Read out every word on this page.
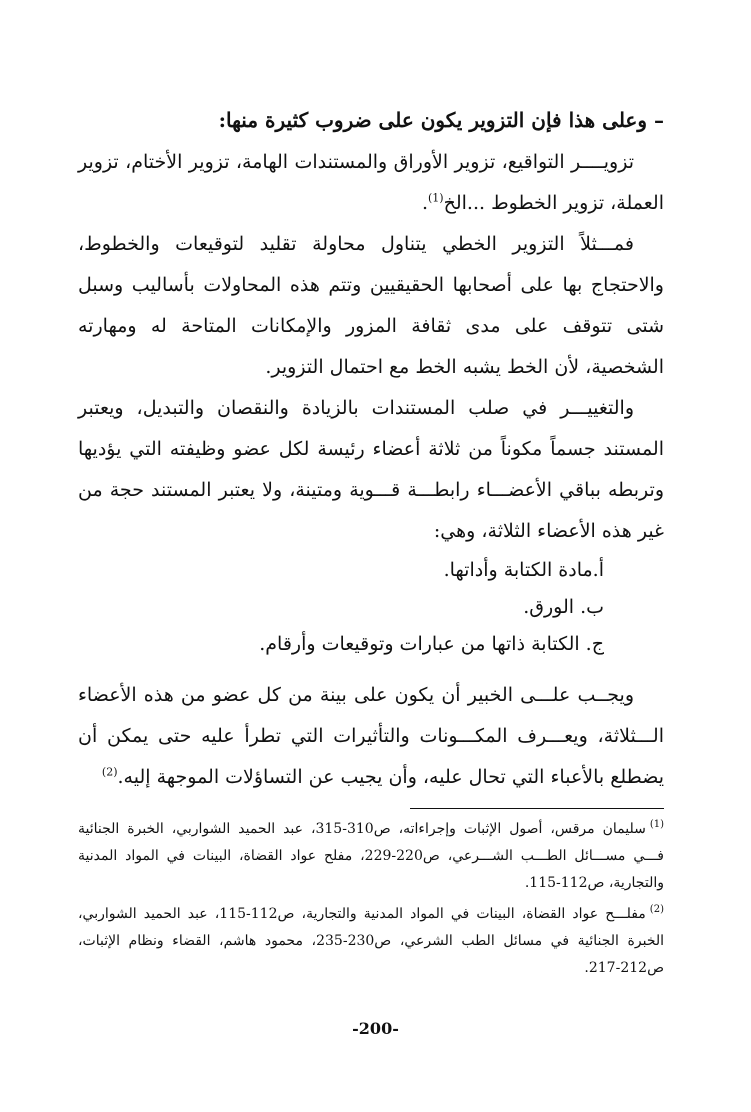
– وعلى هذا فإن التزوير يكون على ضروب كثيرة منها:

تزويــــر التواقيع، تزوير الأوراق والمستندات الهامة، تزوير الأختام، تزوير العملة، تزوير الخطوط ...الخ$^{(1)}$.

فمـــثلاً التزوير الخطي يتناول محاولة تقليد لتوقيعات والخطوط، والاحتجاج بها على أصحابها الحقيقيين وتتم هذه المحاولات بأساليب وسبل شتى تتوقف على مدى ثقافة المزور والإمكانات المتاحة له ومهارته الشخصية، لأن الخط يشبه الخط مع احتمال التزوير.

والتغييـــر في صلب المستندات بالزيادة والنقصان والتبديل، ويعتبر المستند جسماً مكوناً من ثلاثة أعضاء رئيسة لكل عضو وظيفته التي يؤديها وتربطه بباقي الأعضـــاء رابطـــة قـــوية ومتينة، ولا يعتبر المستند حجة من غير هذه الأعضاء الثلاثة، وهي:

أ.مادة الكتابة وأداتها.
ب. الورق.
ج. الكتابة ذاتها من عبارات وتوقيعات وأرقام.

ويجــب علـــى الخبير أن يكون على بينة من كل عضو من هذه الأعضاء الـــثلاثة، ويعـــرف المكـــونات والتأثيرات التي تطرأ عليه حتى يمكن أن يضطلع بالأعباء التي تحال عليه، وأن يجيب عن التساؤلات الموجهة إليه.$^{(2)}$

$^{(1)}$سليمان مرقس، أصول الإثبات وإجراءاته، ص310-315، عبد الحميد الشواربي، الخبرة الجنائية فـــي مســـائل الطـــب الشـــرعي، ص220-229، مفلح عواد القضاة، البينات في المواد المدنية والتجارية، ص112-115.

$^{(2)}$مفلـــح عواد القضاة، البينات في المواد المدنية والتجارية، ص112-115، عبد الحميد الشواربي، الخبرة الجنائية في مسائل الطب الشرعي، ص230-235، محمود هاشم، القضاء ونظام الإثبات، ص212-217.

-200-
